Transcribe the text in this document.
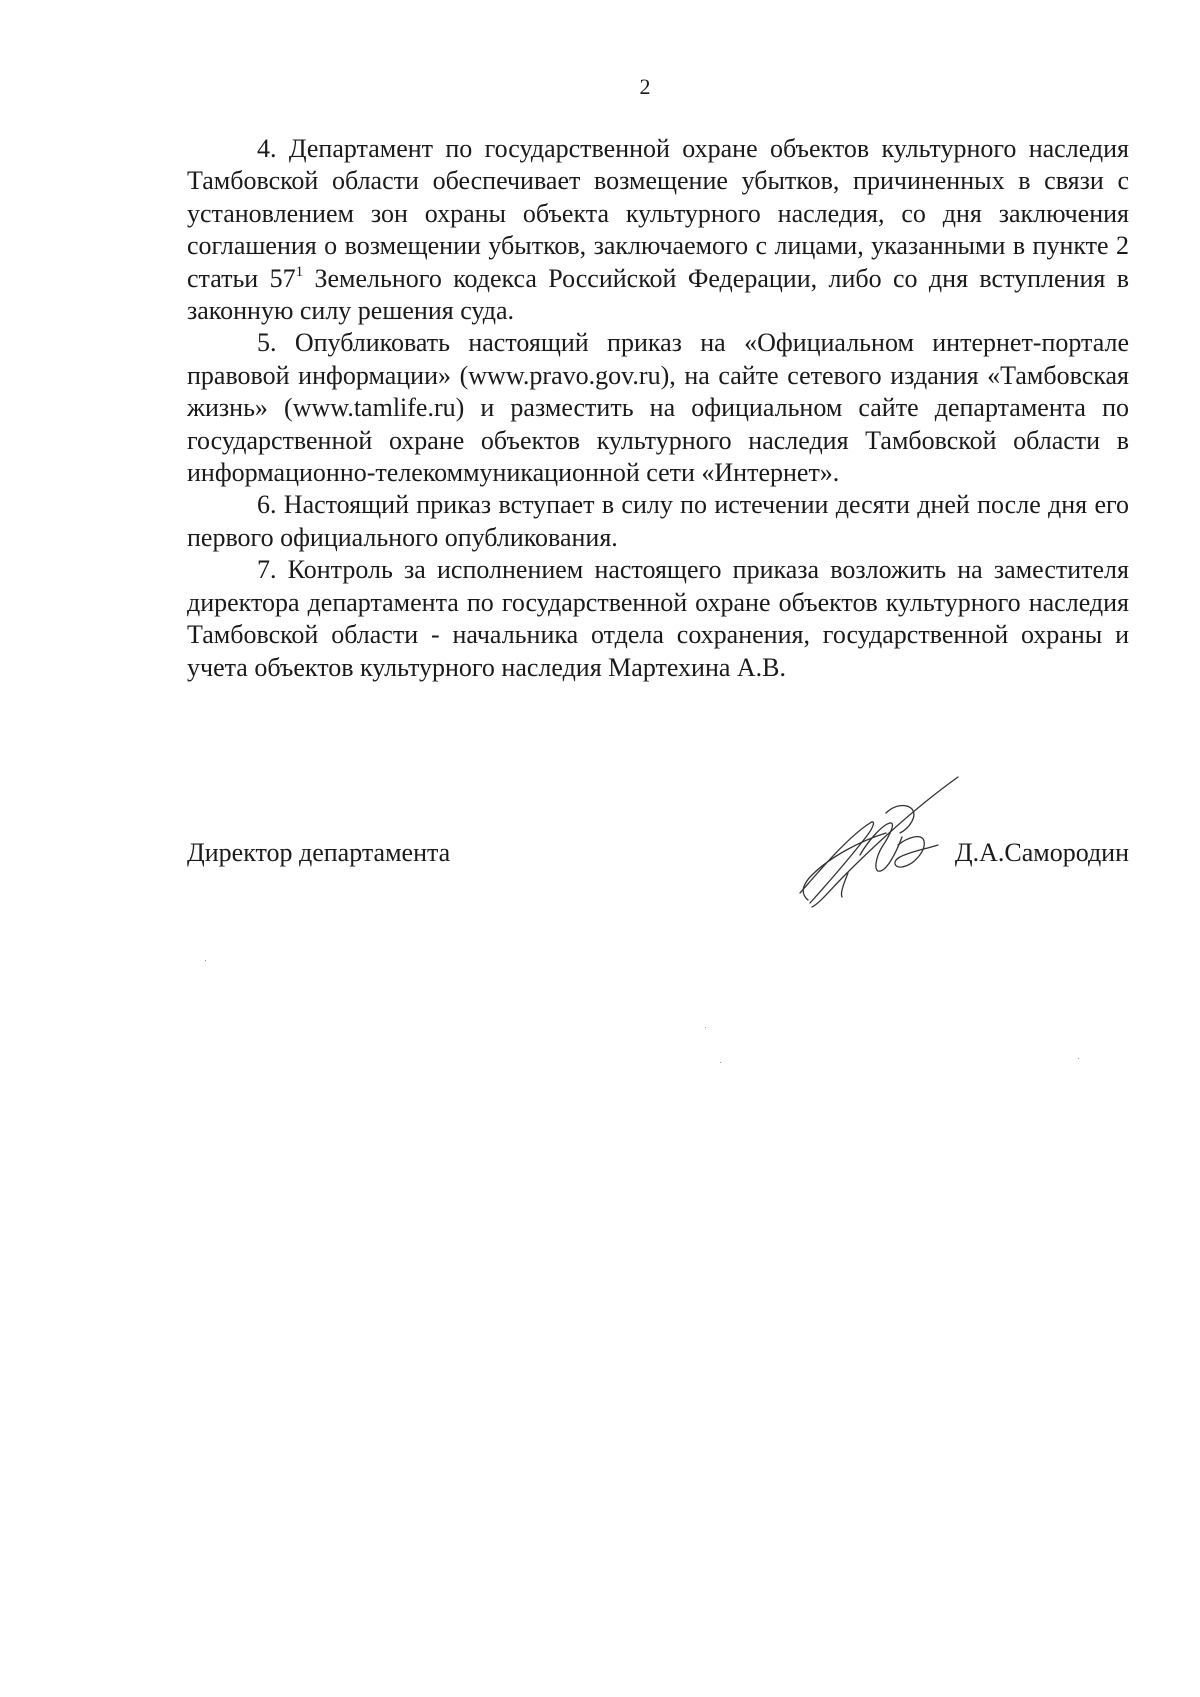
2

4. Департамент по государственной охране объектов культурного наследия Тамбовской области обеспечивает возмещение убытков, причиненных в связи с установлением зон охраны объекта культурного наследия, со дня заключения соглашения о возмещении убытков, заключаемого с лицами, указанными в пункте 2 статьи $57^1$ Земельного кодекса Российской Федерации, либо со дня вступления в законную силу решения суда.

5. Опубликовать настоящий приказ на «Официальном интернет-портале правовой информации» (www.pravo.gov.ru), на сайте сетевого издания «Тамбовская жизнь» (www.tamlife.ru) и разместить на официальном сайте департамента по государственной охране объектов культурного наследия Тамбовской области в информационно-телекоммуникационной сети «Интернет».

6. Настоящий приказ вступает в силу по истечении десяти дней после дня его первого официального опубликования.

7. Контроль за исполнением настоящего приказа возложить на заместителя директора департамента по государственной охране объектов культурного наследия Тамбовской области - начальника отдела сохранения, государственной охраны и учета объектов культурного наследия Мартехина А.В.

Директор департамента	Д.А.Самородин
